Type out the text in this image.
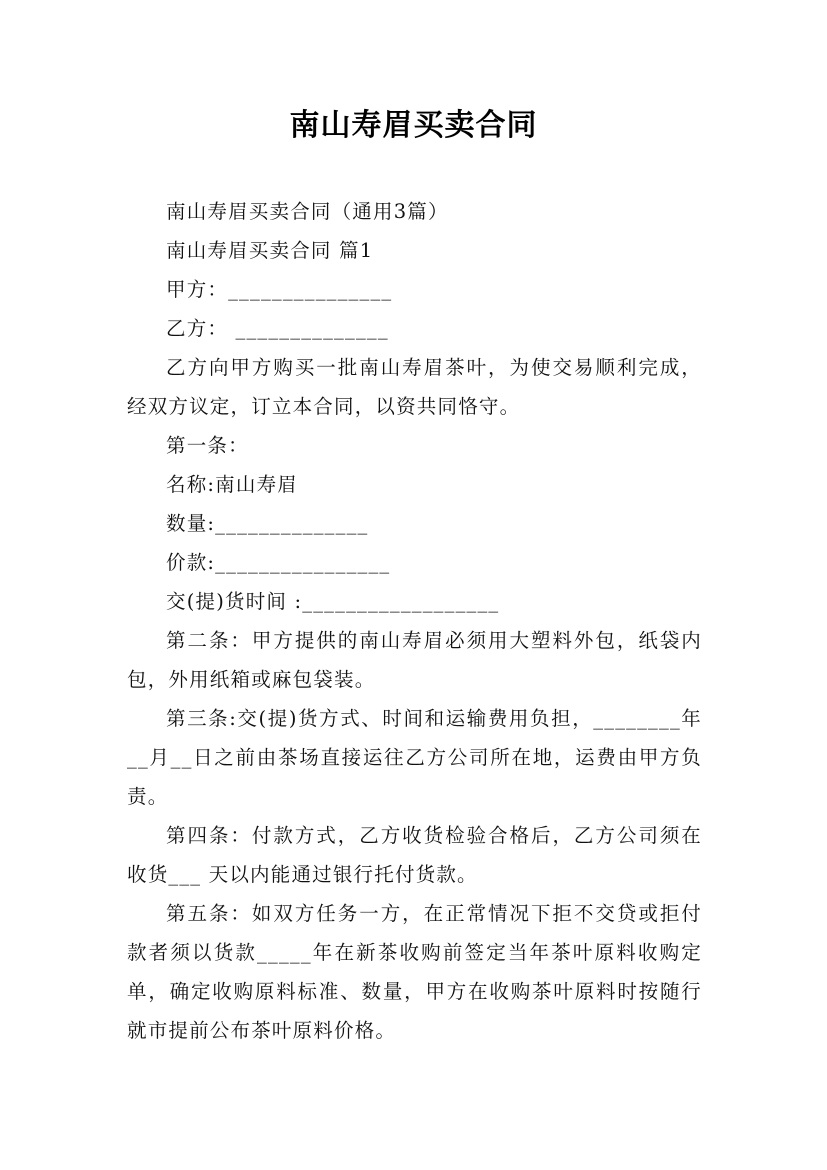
南山寿眉买卖合同

南山寿眉买卖合同（通用3篇）

南山寿眉买卖合同 篇1

甲方：_______________

乙方： ______________

乙方向甲方购买一批南山寿眉茶叶，为使交易顺利完成，经双方议定，订立本合同，以资共同恪守。

第一条：

名称:南山寿眉

数量:______________

价款:________________

交(提)货时间 :__________________

第二条：甲方提供的南山寿眉必须用大塑料外包，纸袋内包，外用纸箱或麻包袋装。

第三条:交(提)货方式、时间和运输费用负担，________年__月__日之前由茶场直接运往乙方公司所在地，运费由甲方负责。

第四条：付款方式，乙方收货检验合格后，乙方公司须在收货___ 天以内能通过银行托付货款。

第五条：如双方任务一方，在正常情况下拒不交贷或拒付款者须以货款_____年在新茶收购前签定当年茶叶原料收购定单，确定收购原料标准、数量，甲方在收购茶叶原料时按随行就市提前公布茶叶原料价格。
